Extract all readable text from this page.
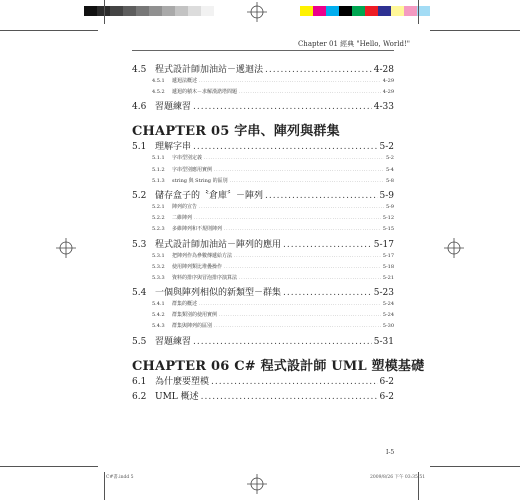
Chapter 01 經典 "Hello, World!"
4.5 程式設計師加油站－遞迴法 .....	4-28
4.5.1	遞迴法概述 .....	4-29
4.5.2	遞迴的積木－求解漢諾塔問題 .....	4-29
4.6 習題練習 .....	4-33
CHAPTER 05 字串、陣列與群集
5.1 理解字串 .....	5-2
5.1.1	字串型別定義 .....	5-2
5.1.2	字串型別應用實例 .....	5-4
5.1.3	string 與 String 的區別 .....	5-8
5.2 儲存盒子的〝倉庫〞－陣列 .....	5-9
5.2.1	陣列的宣告 .....	5-9
5.2.2	二維陣列 .....	5-12
5.2.3	多維陣列和不規則陣列 .....	5-15
5.3 程式設計師加油站－陣列的應用 .....	5-17
5.3.1	把陣列作為參數傳遞給方法 .....	5-17
5.3.2	使用陣列類比堆疊操作 .....	5-18
5.3.3	資料的排序與冒泡排序演算法 .....	5-21
5.4 一個與陣列相似的新類型－群集 .....	5-23
5.4.1	群集的概述 .....	5-24
5.4.2	群集類別的使用實例 .....	5-24
5.4.3	群集與陣列的區別 .....	5-30
5.5 習題練習 .....	5-31
CHAPTER 06 C# 程式設計師 UML 塑模基礎
6.1 為什麼要塑模 .....	6-2
6.2 UML 概述 .....	6-2
I-5
C#書.indd 5	2009/8/26 下午 03:35:51
